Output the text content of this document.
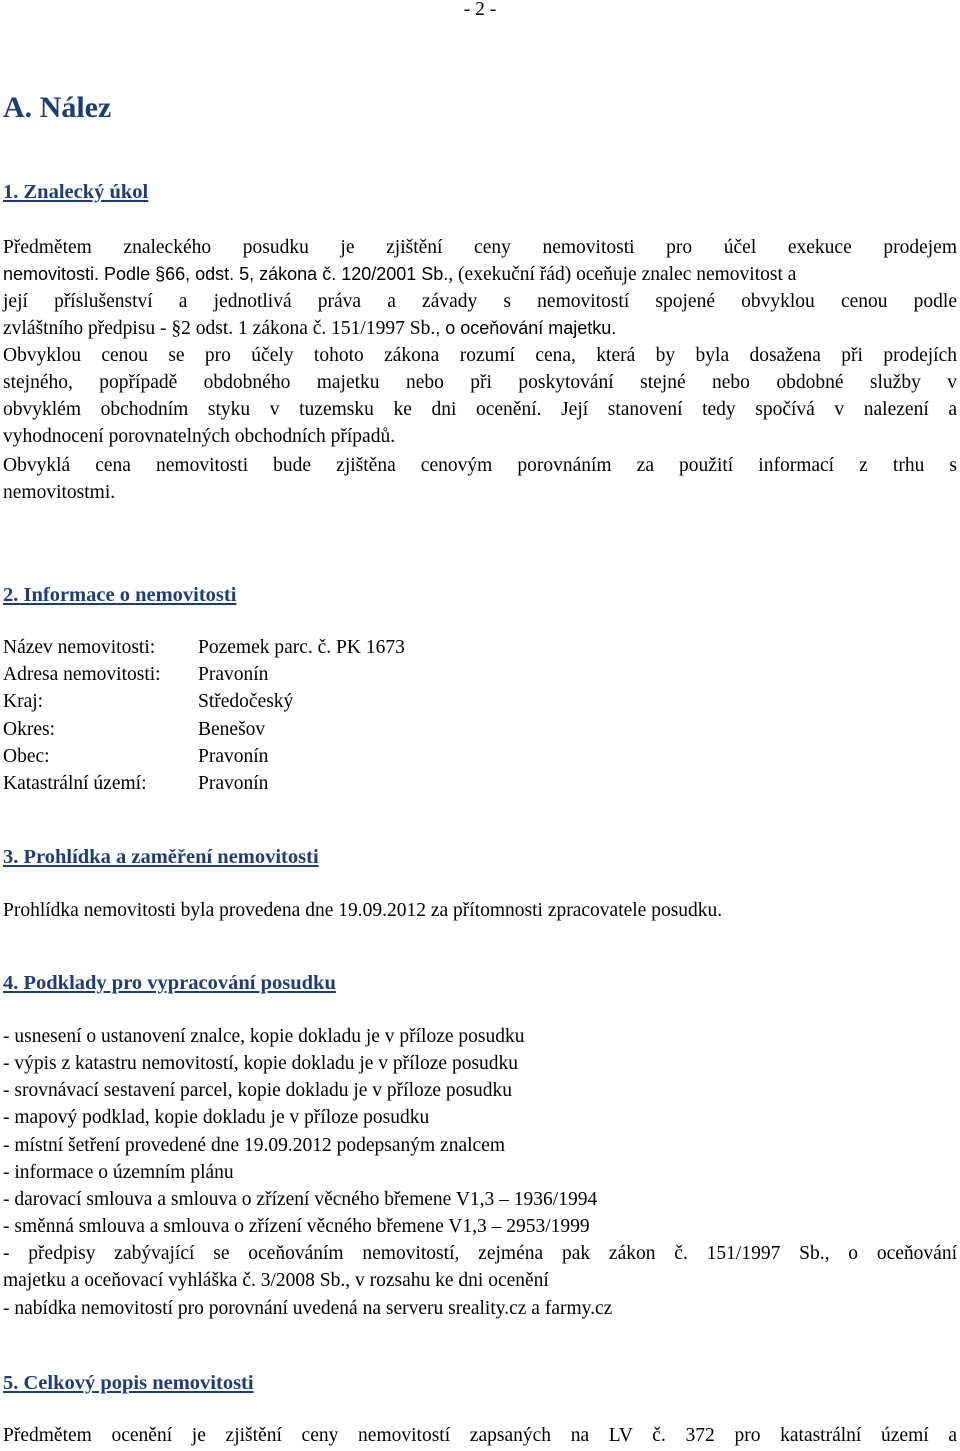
- 2 -
A. Nález
1. Znalecký úkol
Předmětem znaleckého posudku je zjištění ceny nemovitosti pro účel exekuce prodejem
nemovitosti. Podle §66, odst. 5, zákona č. 120/2001 Sb., (exekuční řád) oceňuje znalec nemovitost a
její příslušenství a jednotlivá práva a závady s nemovitostí spojené obvyklou cenou podle
zvláštního předpisu - §2 odst. 1 zákona č. 151/1997 Sb., o oceňování majetku.
Obvyklou cenou se pro účely tohoto zákona rozumí cena, která by byla dosažena při prodejích
stejného, popřípadě obdobného majetku nebo při poskytování stejné nebo obdobné služby v
obvyklém obchodním styku v tuzemsku ke dni ocenění. Její stanovení tedy spočívá v nalezení a
vyhodnocení porovnatelných obchodních případů.
Obvyklá cena nemovitosti bude zjištěna cenovým porovnáním za použití informací z trhu s
nemovitostmi.
2. Informace o nemovitosti
Název nemovitosti: Pozemek parc. č. PK 1673
Adresa nemovitosti: Pravonín
Kraj:	Středočeský
Okres:	Benešov
Obec:	Pravonín
Katastrální území:	Pravonín
3. Prohlídka a zaměření nemovitosti
Prohlídka nemovitosti byla provedena dne 19.09.2012 za přítomnosti zpracovatele posudku.
4. Podklady pro vypracování posudku
- usnesení o ustanovení znalce, kopie dokladu je v příloze posudku
- výpis z katastru nemovitostí, kopie dokladu je v příloze posudku
- srovnávací sestavení parcel, kopie dokladu je v příloze posudku
- mapový podklad, kopie dokladu je v příloze posudku
- místní šetření provedené dne 19.09.2012 podepsaným znalcem
- informace o územním plánu
- darovací smlouva a smlouva o zřízení věcného břemene V1,3 – 1936/1994
- směnná smlouva a smlouva o zřízení věcného břemene V1,3 – 2953/1999
- předpisy zabývající se oceňováním nemovitostí, zejména pak zákon č. 151/1997 Sb., o oceňování
majetku a oceňovací vyhláška č. 3/2008 Sb., v rozsahu ke dni ocenění
- nabídka nemovitostí pro porovnání uvedená na serveru sreality.cz a farmy.cz
5. Celkový popis nemovitosti
Předmětem ocenění je zjištění ceny nemovitostí zapsaných na LV č. 372 pro katastrální území a
